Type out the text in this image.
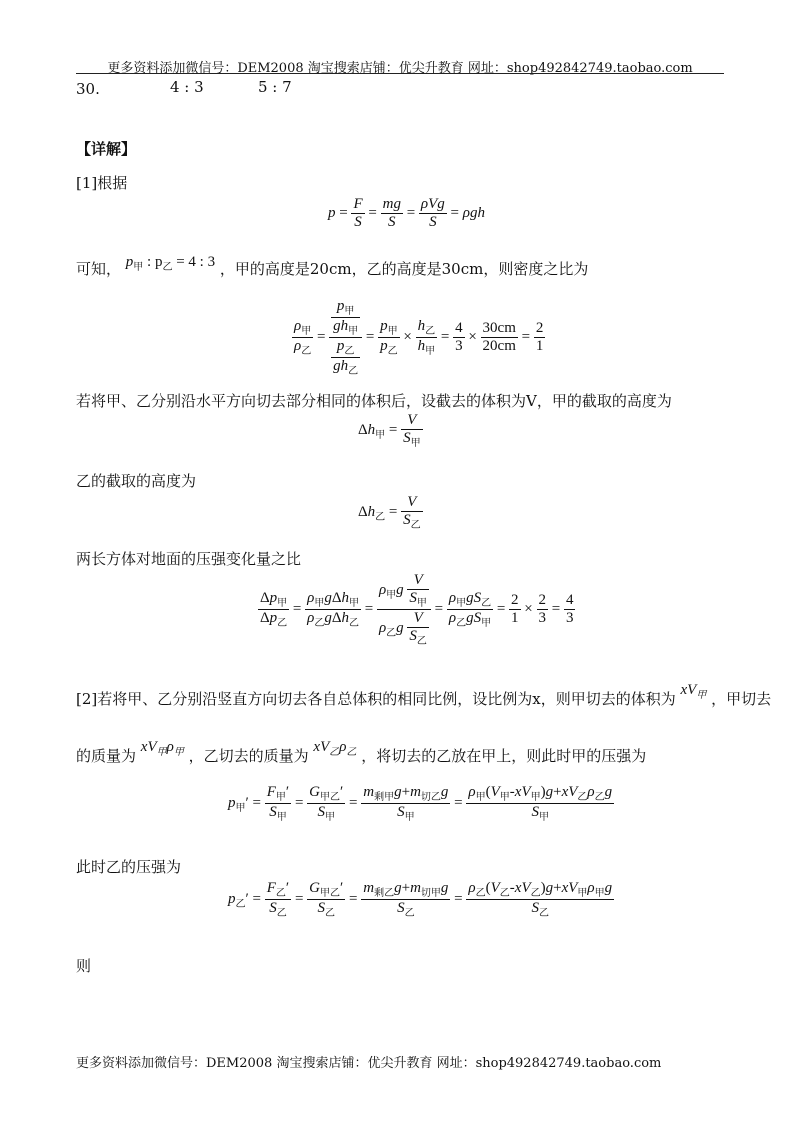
更多资料添加微信号：DEM2008 淘宝搜索店铺：优尖升教育 网址：shop492842749.taobao.com
30.	4 : 3	5 : 7
【详解】
[1]根据
$p = \frac{F}{S} = \frac{mg}{S} = \frac{\text{ρVg}}{S} = \rho gh$
可知， $p_甲$ : $p_乙 = 4$ : 3 ，甲的高度是20cm，乙的高度是30cm，则密度之比为
$\frac{\rho_甲}{\rho_乙} = \frac{\frac{p_甲}{gh_甲}}{\frac{p_乙}{gh_乙}} = \frac{p_甲}{p_乙} \times \frac{h_乙}{h_甲} = \frac{4}{3} \times \frac{30cm}{20cm} = \frac{2}{1}$
若将甲、乙分别沿水平方向切去部分相同的体积后，设截去的体积为V，甲的截取的高度为
$\Delta h_甲 = \frac{V}{S_甲}$
乙的截取的高度为
$\Delta h_乙 = \frac{V}{S_乙}$
两长方体对地面的压强变化量之比
$\frac{\Delta p_甲}{\Delta p_乙} = \frac{\rho_甲g\Delta h_甲}{\rho_乙g\Delta h_乙} = \frac{\rho_甲g \frac{V}{S_甲}}{\rho_乙g \frac{V}{S_乙}} = \frac{\rho_甲gS_乙}{\rho_乙gS_甲} = \frac{2}{1} \times \frac{2}{3} = \frac{4}{3}$
[2]若将甲、乙分别沿竖直方向切去各自总体积的相同比例，设比例为x，则甲切去的体积为 $xV_甲$ ，甲切去
的质量为 $xV_甲\rho_甲$ ，乙切去的质量为 $xV_乙\rho_乙$ ，将切去的乙放在甲上，则此时甲的压强为
$p_甲' = \frac{F_甲'}{S_甲} = \frac{G_{甲乙}'}{S_甲} = \frac{m_{剩甲}g+m_{切乙}g}{S_甲} = \frac{\rho_甲(V_甲-xV_甲)g+xV_乙\rho_乙g}{S_甲}$
此时乙的压强为
$p_乙' = \frac{F_乙'}{S_乙} = \frac{G_{甲乙}'}{S_乙} = \frac{m_{剩乙}g+m_{切甲}g}{S_乙} = \frac{\rho_乙(V_乙-xV_乙)g+xV_甲\rho_甲g}{S_乙}$
则
更多资料添加微信号：DEM2008 淘宝搜索店铺：优尖升教育 网址：shop492842749.taobao.com
